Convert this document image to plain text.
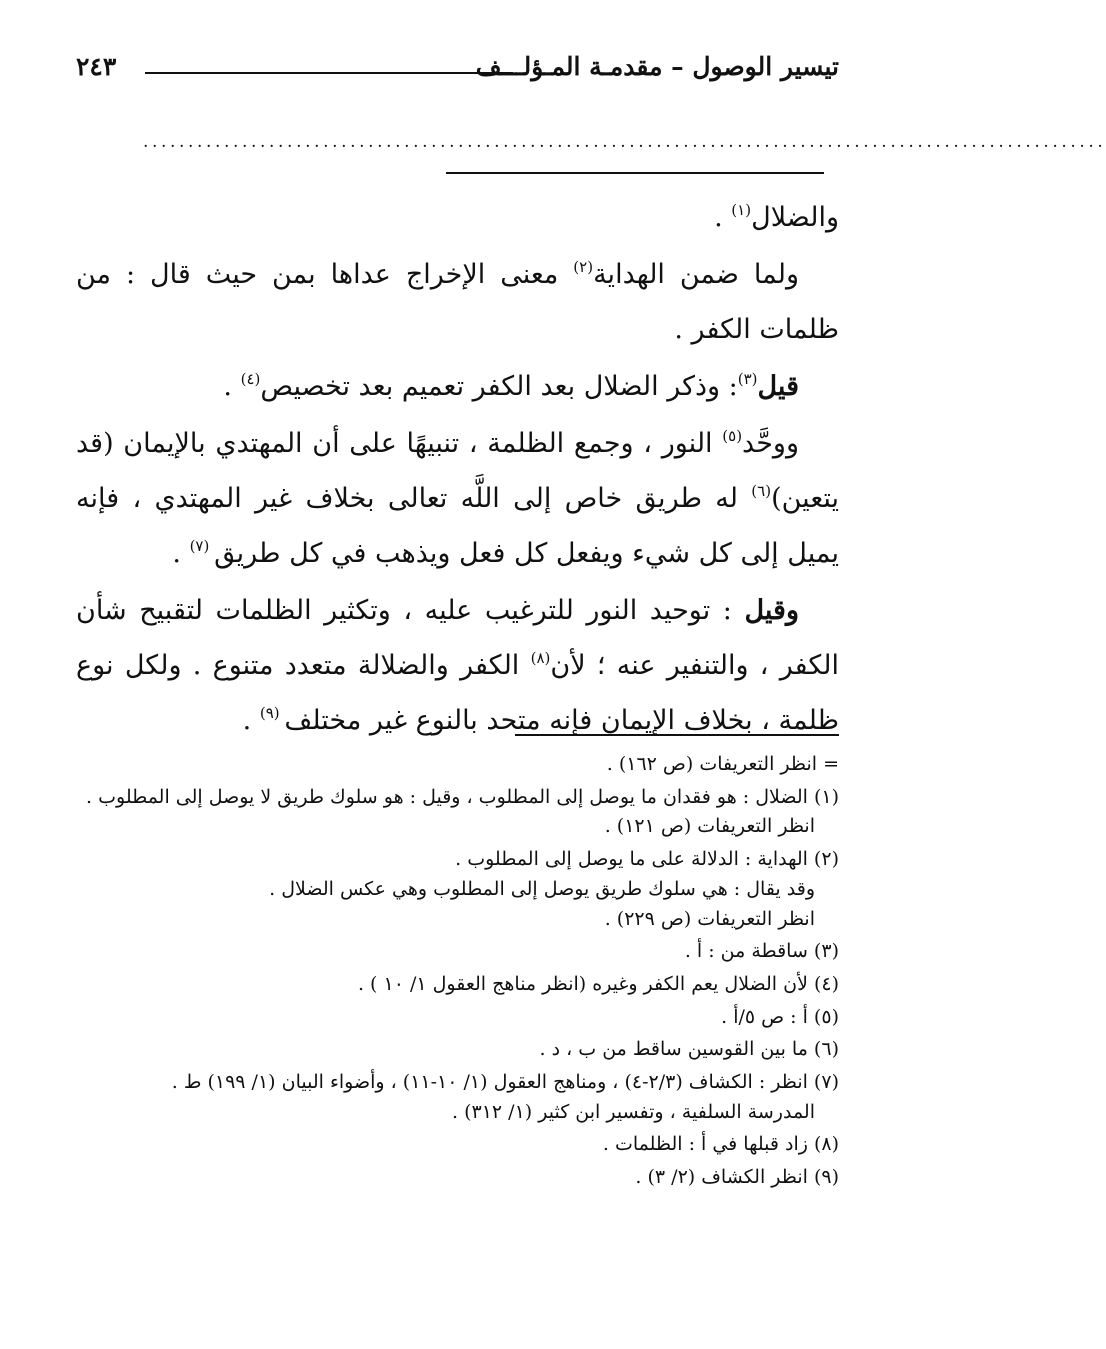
تيسير الوصول – مقدمـة المـؤلـــف
٢٤٣
...........................................................................................................

والضلال$^{(١)}$ .

ولما ضمن الهداية$^{(٢)}$ معنى الإخراج عداها بمن حيث قال : من ظلمات الكفر .

قيل$^{(٣)}$: وذكر الضلال بعد الكفر تعميم بعد تخصيص$^{(٤)}$ .

ووحَّد$^{(٥)}$ النور ، وجمع الظلمة ، تنبيهًا على أن المهتدي بالإيمان (قد يتعين)$^{(٦)}$ له طريق خاص إلى اللَّه تعالى بخلاف غير المهتدي ، فإنه يميل إلى كل شيء ويفعل كل فعل ويذهب في كل طريق $^{(٧)}$ .

وقيل : توحيد النور للترغيب عليه ، وتكثير الظلمات لتقبيح شأن الكفر ، والتنفير عنه ؛ لأن$^{(٨)}$ الكفر والضلالة متعدد متنوع . ولكل نوع ظلمة ، بخلاف الإيمان فإنه متحد بالنوع غير مختلف $^{(٩)}$ .

= انظر التعريفات (ص ١٦٢) .
(١) الضلال : هو فقدان ما يوصل إلى المطلوب ، وقيل : هو سلوك طريق لا يوصل إلى المطلوب .
انظر التعريفات (ص ١٢١) .
(٢) الهداية : الدلالة على ما يوصل إلى المطلوب .
وقد يقال : هي سلوك طريق يوصل إلى المطلوب وهي عكس الضلال .
انظر التعريفات (ص ٢٢٩) .
(٣) ساقطة من : أ .
(٤) لأن الضلال يعم الكفر وغيره (انظر مناهج العقول ١/ ١٠ ) .
(٥) أ : ص ٥/أ .
(٦) ما بين القوسين ساقط من ب ، د .
(٧) انظر : الكشاف (٢/٣-٤) ، ومناهج العقول (١/ ١٠-١١) ، وأضواء البيان (١/ ١٩٩) ط .
المدرسة السلفية ، وتفسير ابن كثير (١/ ٣١٢) .
(٨) زاد قبلها في أ : الظلمات .
(٩) انظر الكشاف (٢/ ٣) .
